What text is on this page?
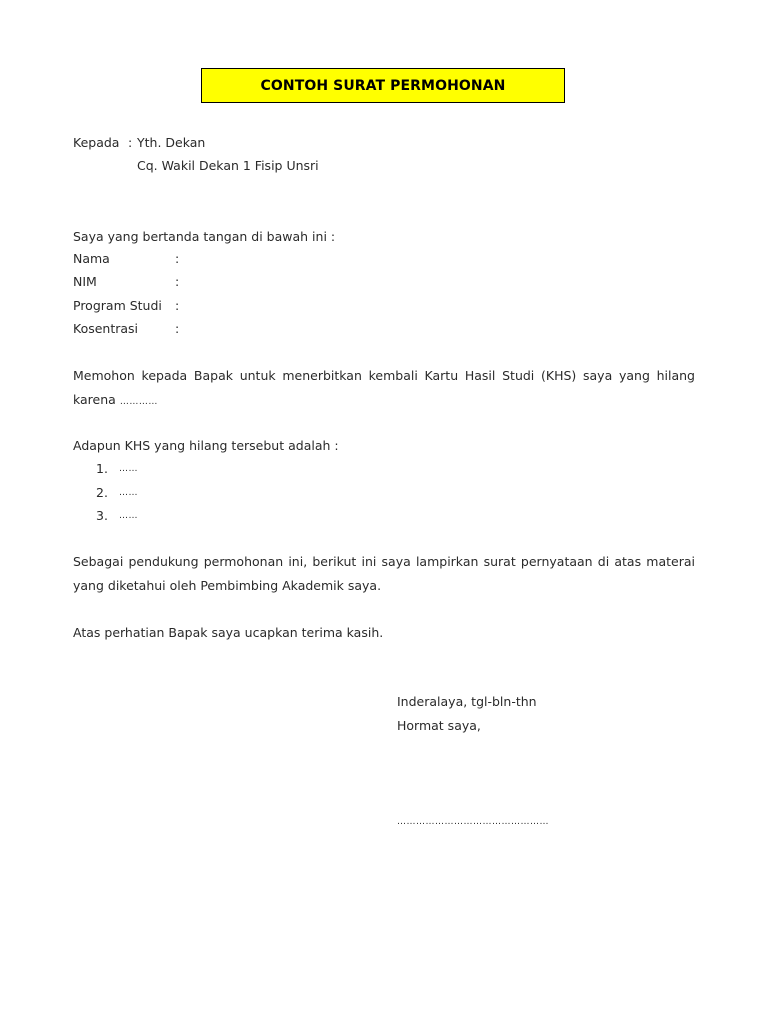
CONTOH SURAT PERMOHONAN
Kepada : Yth. Dekan
Cq. Wakil Dekan 1 Fisip Unsri
Saya yang bertanda tangan di bawah ini :
Nama	:
NIM	:
Program Studi :
Kosentrasi	:
Memohon kepada Bapak untuk menerbitkan kembali Kartu Hasil Studi (KHS) saya yang hilang
karena …………
Adapun KHS yang hilang tersebut adalah :
1. ……
2. ……
3. ……
Sebagai pendukung permohonan ini, berikut ini saya lampirkan surat pernyataan di atas materai
yang diketahui oleh Pembimbing Akademik saya.
Atas perhatian Bapak saya ucapkan terima kasih.
Inderalaya, tgl-bln-thn
Hormat saya,
…………………………………………
